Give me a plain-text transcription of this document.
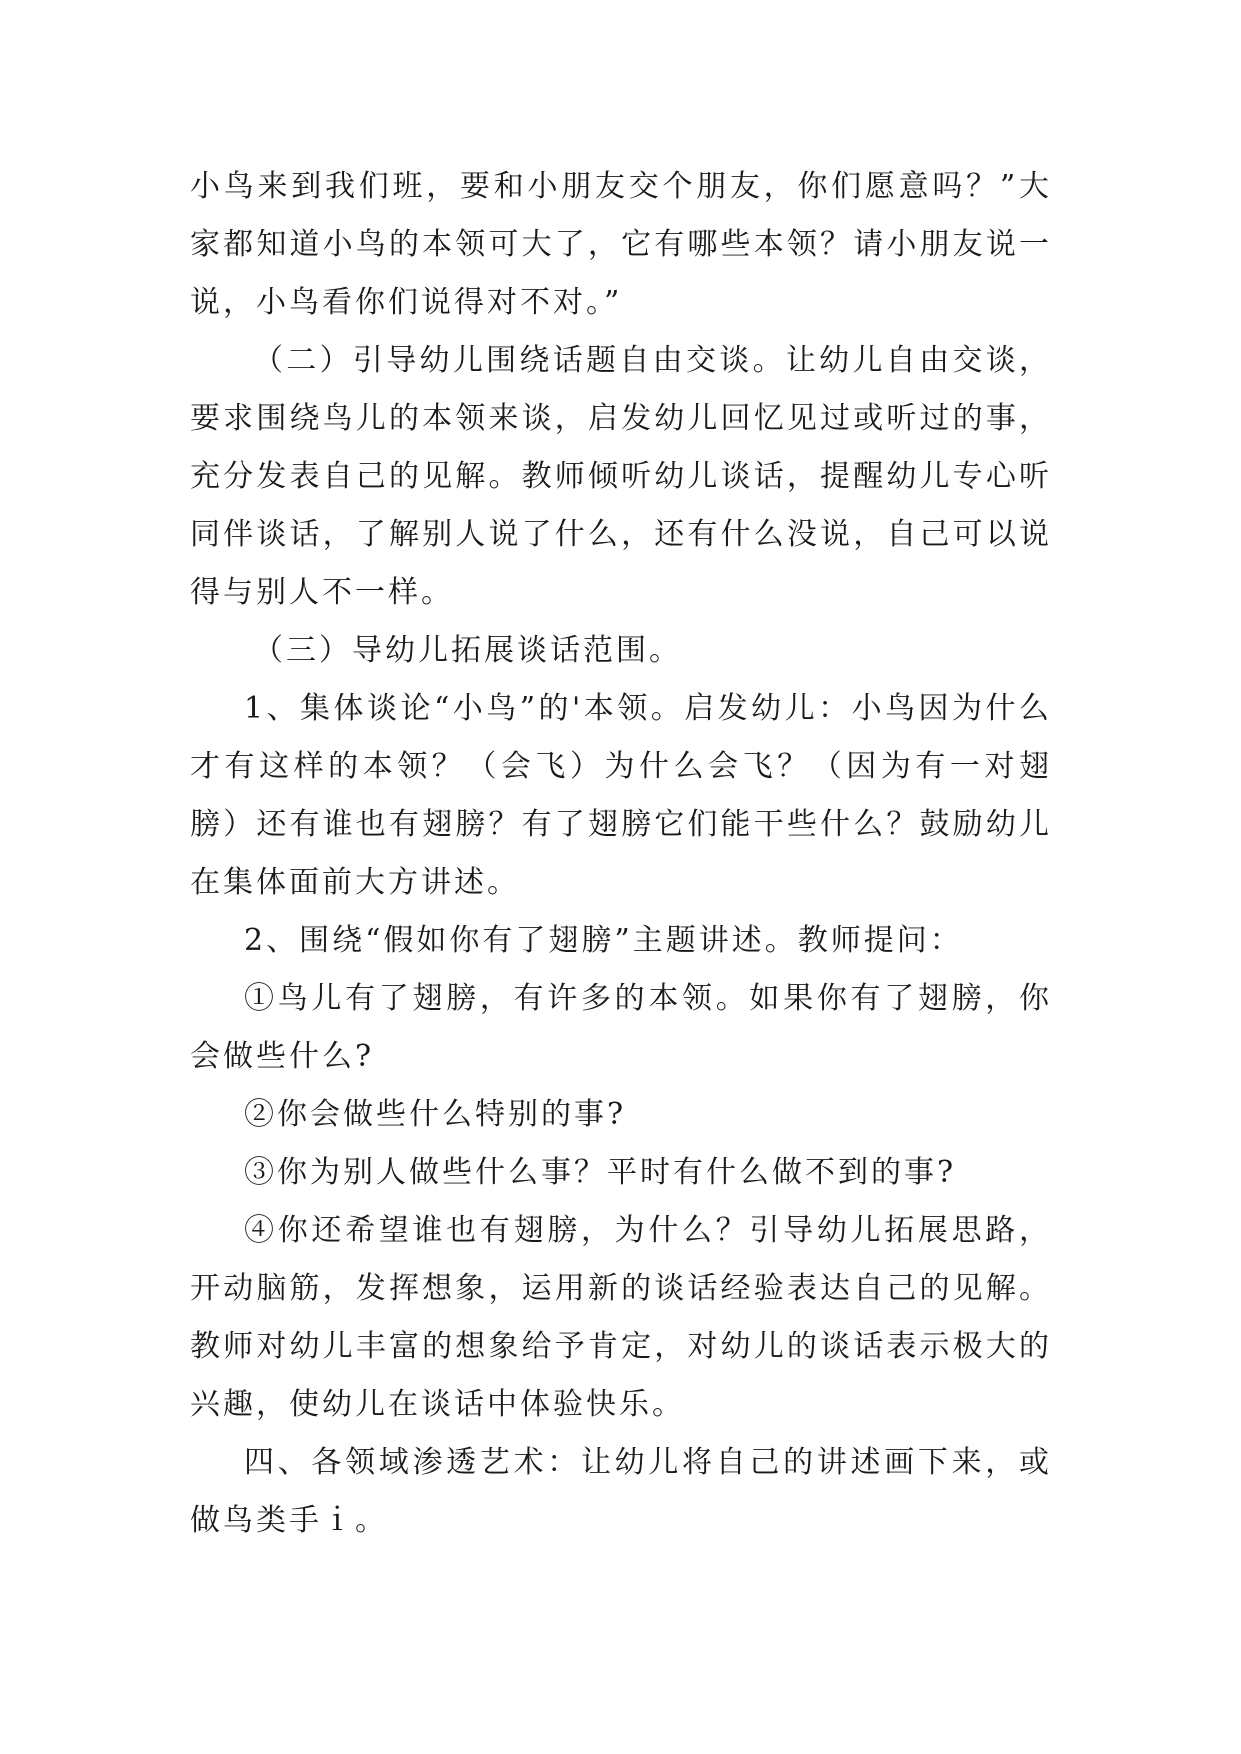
小鸟来到我们班，要和小朋友交个朋友，你们愿意吗？”大家都知道小鸟的本领可大了，它有哪些本领？请小朋友说一说，小鸟看你们说得对不对。”

（二）引导幼儿围绕话题自由交谈。让幼儿自由交谈，要求围绕鸟儿的本领来谈，启发幼儿回忆见过或听过的事，充分发表自己的见解。教师倾听幼儿谈话，提醒幼儿专心听同伴谈话，了解别人说了什么，还有什么没说，自己可以说得与别人不一样。

（三）导幼儿拓展谈话范围。

1、集体谈论“小鸟”的'本领。启发幼儿：小鸟因为什么才有这样的本领？（会飞）为什么会飞？（因为有一对翅膀）还有谁也有翅膀？有了翅膀它们能干些什么？鼓励幼儿在集体面前大方讲述。

2、围绕“假如你有了翅膀”主题讲述。教师提问：

①鸟儿有了翅膀，有许多的本领。如果你有了翅膀，你会做些什么?

②你会做些什么特别的事?

③你为别人做些什么事？平时有什么做不到的事?

④你还希望谁也有翅膀，为什么？引导幼儿拓展思路，开动脑筋，发挥想象，运用新的谈话经验表达自己的见解。教师对幼儿丰富的想象给予肯定，对幼儿的谈话表示极大的兴趣，使幼儿在谈话中体验快乐。

四、各领域渗透艺术：让幼儿将自己的讲述画下来，或做鸟类手ｉ。
